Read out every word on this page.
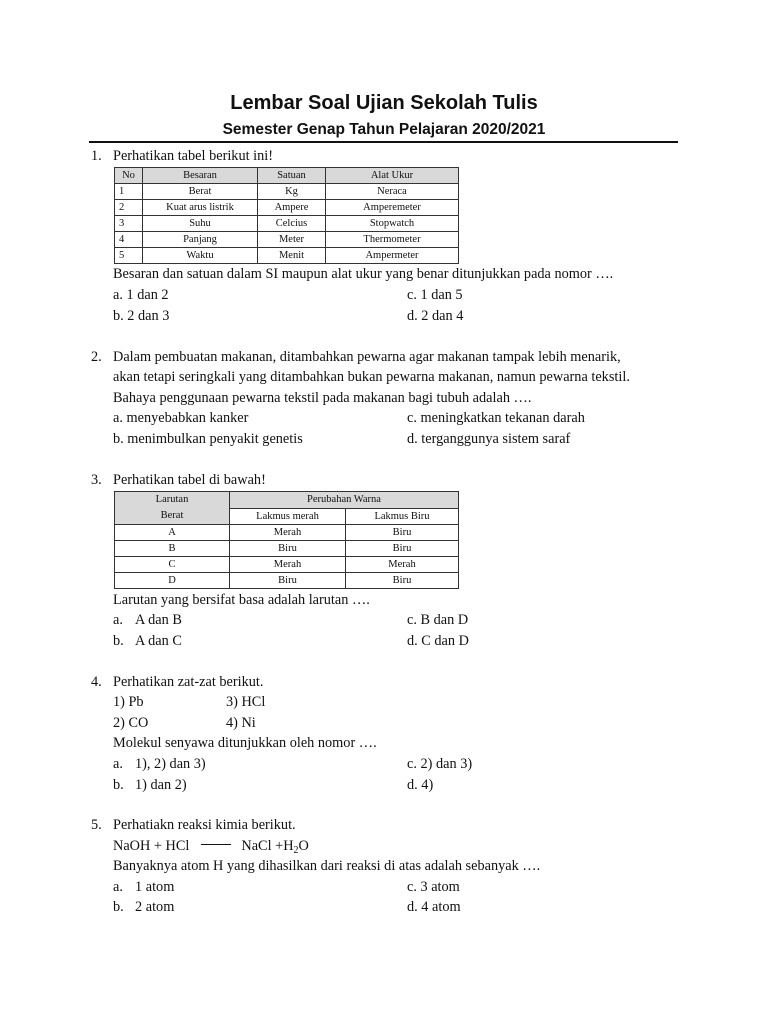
Lembar Soal Ujian Sekolah Tulis
Semester Genap Tahun Pelajaran 2020/2021
1. Perhatikan tabel berikut ini!
No	Besaran	Satuan	Alat Ukur
1	Berat	Kg	Neraca
2	Kuat arus listrik	Ampere	Amperemeter
3	Suhu	Celcius	Stopwatch
4	Panjang	Meter	Thermometer
5	Waktu	Menit	Ampermeter
Besaran dan satuan dalam SI maupun alat ukur yang benar ditunjukkan pada nomor ….
a. 1 dan 2
b. 2 dan 3
c. 1 dan 5
d. 2 dan 4
2. Dalam pembuatan makanan, ditambahkan pewarna agar makanan tampak lebih menarik,
akan tetapi seringkali yang ditambahkan bukan pewarna makanan, namun pewarna tekstil.
Bahaya penggunaan pewarna tekstil pada makanan bagi tubuh adalah ….
a. menyebabkan kanker
b. menimbulkan penyakit genetis
c. meningkatkan tekanan darah
d. terganggunya sistem saraf
3. Perhatikan tabel di bawah!
Larutan
Berat	Perubahan Warna	
	Lakmus merah	Lakmus Biru
A	Merah	Biru
B	Biru	Biru
C	Merah	Merah
D	Biru	Biru
Larutan yang bersifat basa adalah larutan ….
a. A dan B
b. A dan C
c. B dan D
d. C dan D
4. Perhatikan zat-zat berikut.
1) Pb
2) CO
3) HCl
4) Ni
Molekul senyawa ditunjukkan oleh nomor ….
a. 1), 2) dan 3)
b. 1) dan 2)
c. 2) dan 3)
d. 4)
5. Perhatiakn reaksi kimia berikut.
NaOH + HCl	NaCl $+H_2O$
Banyaknya atom H yang dihasilkan dari reaksi di atas adalah sebanyak ….
a. 1 atom
b. 2 atom
c. 3 atom
d. 4 atom
